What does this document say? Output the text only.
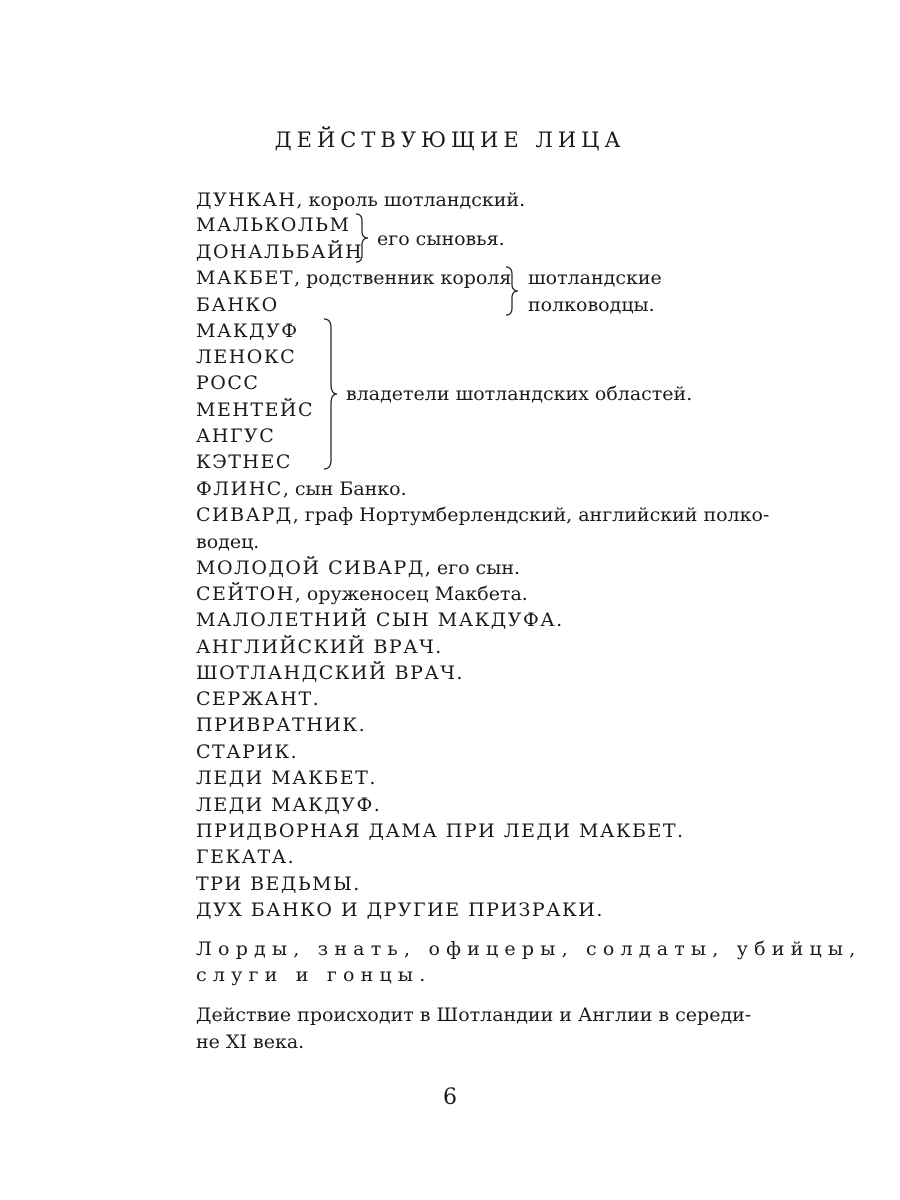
ДЕЙСТВУЮЩИЕ ЛИЦА
ДУНКАН, король шотландский.
МАЛЬКОЛЬМ
ДОНАЛЬБАЙН
его сыновья.
МАКБЕТ, родственник короля
БАНКО
шотландские
полководцы.
МАКДУФ
ЛЕНОКС
РОСС
МЕНТЕЙС
АНГУС
КЭТНЕС
владетели шотландских областей.
ФЛИНС, сын Банко.
СИВАРД, граф Нортумберлендский, английский полко-
водец.
МОЛОДОЙ СИВАРД, его сын.
СЕЙТОН, оруженосец Макбета.
МАЛОЛЕТНИЙ СЫН МАКДУФА.
АНГЛИЙСКИЙ ВРАЧ.
ШОТЛАНДСКИЙ ВРАЧ.
СЕРЖАНТ.
ПРИВРАТНИК.
СТАРИК.
ЛЕДИ МАКБЕТ.
ЛЕДИ МАКДУФ.
ПРИДВОРНАЯ ДАМА ПРИ ЛЕДИ МАКБЕТ.
ГЕКАТА.
ТРИ ВЕДЬМЫ.
ДУХ БАНКО И ДРУГИЕ ПРИЗРАКИ.
Лорды, знать, офицеры, солдаты, убийцы,
слуги и гонцы.
Действие происходит в Шотландии и Англии в середи-
не XI века.
6
